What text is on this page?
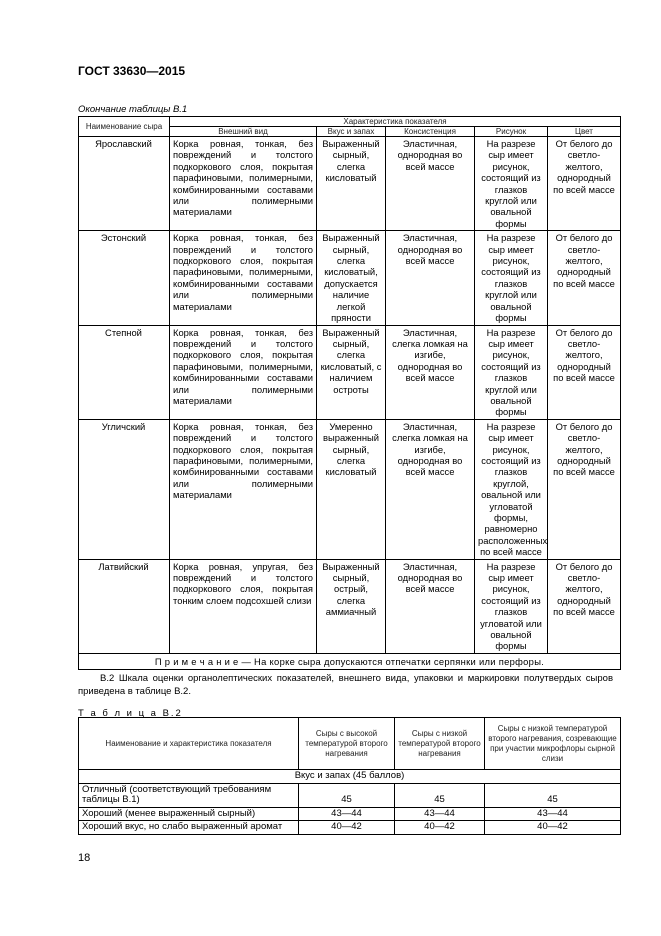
ГОСТ 33630—2015
Окончание таблицы В.1
Наименование сыра	Характеристика показателя				
	Внешний вид	Вкус и запах	Консистенция	Рисунок	Цвет
Ярославский	Корка ровная, тонкая, без повреждений и толстого подкоркового слоя, покрытая парафиновыми, полимерными, комбинированными составами или полимерными материалами	Выраженный сырный, слегка кисловатый	Эластичная, однородная во всей массе	На разрезе сыр имеет рисунок, состоящий из глазков круглой или овальной формы	От белого до светло-желтого, однородный по всей массе
Эстонский	Корка ровная, тонкая, без повреждений и толстого подкоркового слоя, покрытая парафиновыми, полимерными, комбинированными составами или полимерными материалами	Выраженный сырный, слегка кисловатый, допускается наличие легкой пряности	Эластичная, однородная во всей массе	На разрезе сыр имеет рисунок, состоящий из глазков круглой или овальной формы	От белого до светло-желтого, однородный по всей массе
Степной	Корка ровная, тонкая, без повреждений и толстого подкоркового слоя, покрытая парафиновыми, полимерными, комбинированными составами или полимерными материалами	Выраженный сырный, слегка кисловатый, с наличием остроты	Эластичная, слегка ломкая на изгибе, однородная во всей массе	На разрезе сыр имеет рисунок, состоящий из глазков круглой или овальной формы	От белого до светло-желтого, однородный по всей массе
Угличский	Корка ровная, тонкая, без повреждений и толстого подкоркового слоя, покрытая парафиновыми, полимерными, комбинированными составами или полимерными материалами	Умеренно выраженный сырный, слегка кисловатый	Эластичная, слегка ломкая на изгибе, однородная во всей массе	На разрезе сыр имеет рисунок, состоящий из глазков круглой, овальной или угловатой формы, равномерно расположенных по всей массе	От белого до светло-желтого, однородный по всей массе
Латвийский	Корка ровная, упругая, без повреждений и толстого подкоркового слоя, покрытая тонким слоем подсохшей слизи	Выраженный сырный, острый, слегка аммиачный	Эластичная, однородная во всей массе	На разрезе сыр имеет рисунок, состоящий из глазков угловатой или овальной формы	От белого до светло-желтого, однородный по всей массе
П р и м е ч а н и е — На корке сыра допускаются отпечатки серпянки или перфоры.					
В.2 Шкала оценки органолептических показателей, внешнего вида, упаковки и маркировки полутвердых сыров приведена в таблице В.2.
Т а б л и ц а В.2
Наименование и характеристика показателя	Сыры с высокой температурой второго нагревания	Сыры с низкой температурой второго нагревания	Сыры с низкой температурой второго нагревания, созревающие при участии микрофлоры сырной слизи
Вкус и запах (45 баллов)			
Отличный (соответствующий требованиям таблицы В.1)	45	45	45
Хороший (менее выраженный сырный)	43—44	43—44	43—44
Хороший вкус, но слабо выраженный аромат	40—42	40—42	40—42
18
